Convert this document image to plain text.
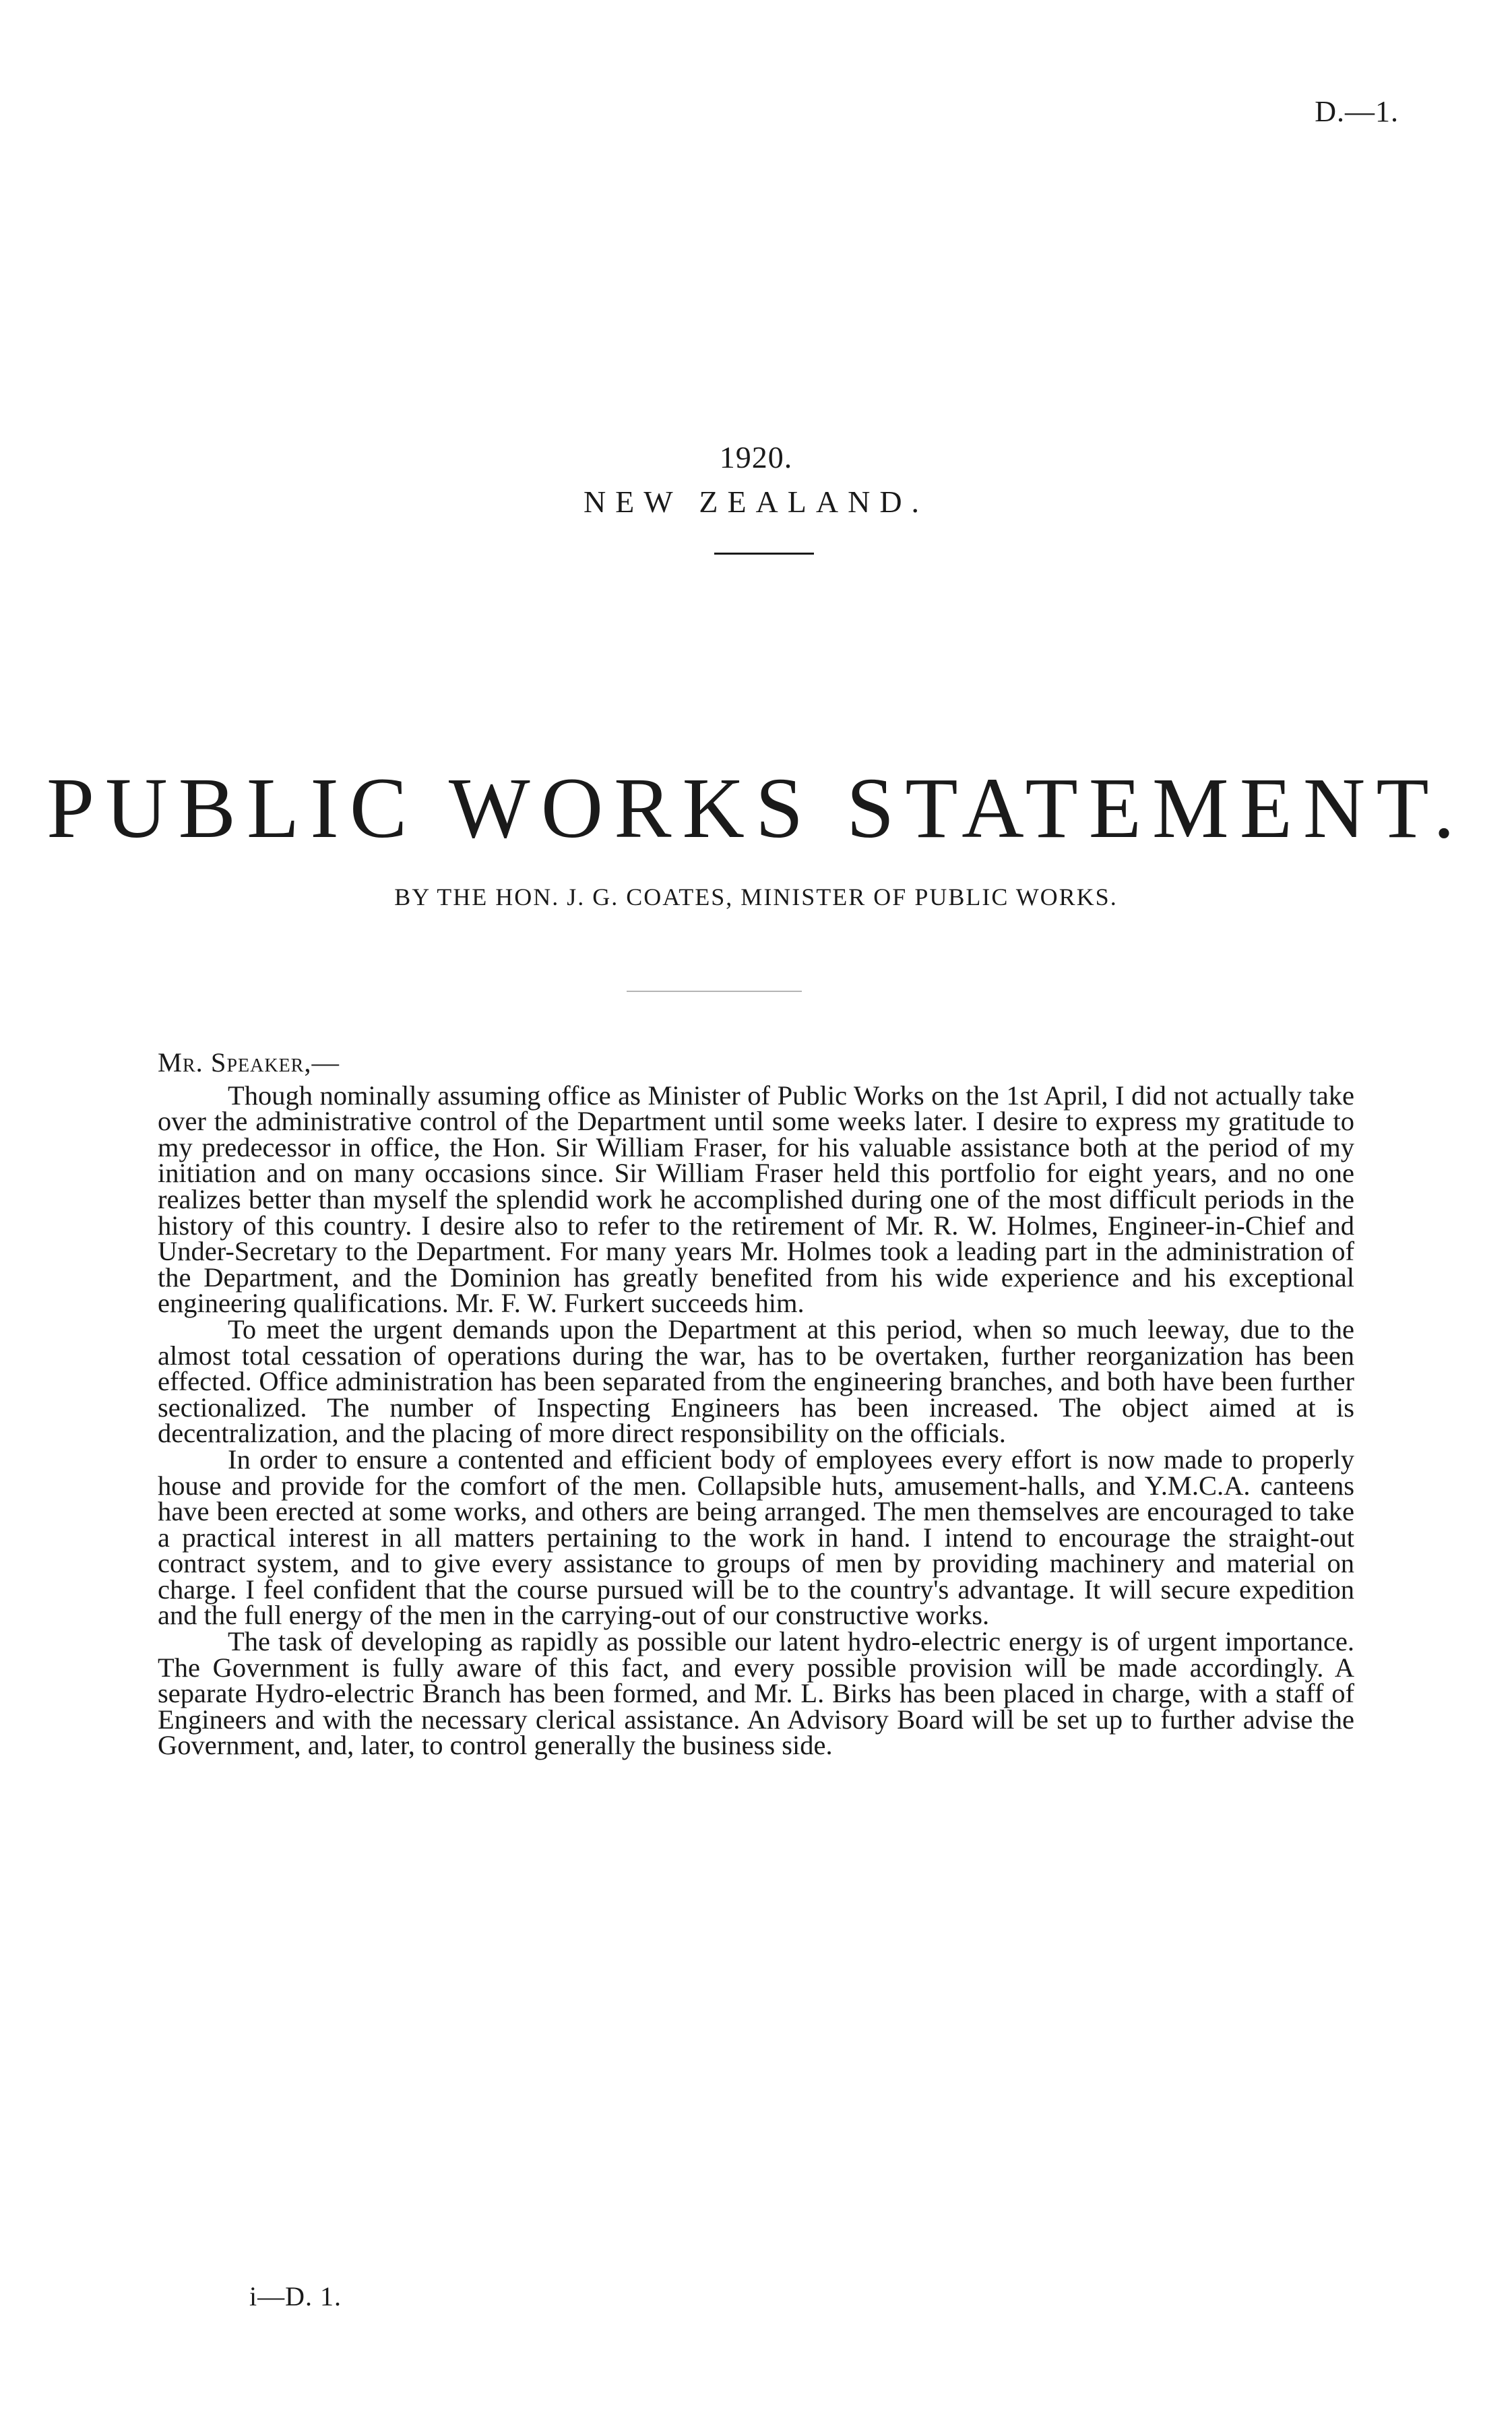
D.—1.
1920.
NEW ZEALAND.
PUBLIC WORKS STATEMENT.
BY THE HON. J. G. COATES, MINISTER OF PUBLIC WORKS.

Mr. Speaker,—

Though nominally assuming office as Minister of Public Works on the 1st April, I did not actually take over the administrative control of the Department until some weeks later. I desire to express my gratitude to my predecessor in office, the Hon. Sir William Fraser, for his valuable assistance both at the period of my initiation and on many occasions since. Sir William Fraser held this portfolio for eight years, and no one realizes better than myself the splendid work he accomplished during one of the most difficult periods in the history of this country. I desire also to refer to the retirement of Mr. R. W. Holmes, Engineer-in-Chief and Under-Secretary to the Department. For many years Mr. Holmes took a leading part in the administration of the Department, and the Dominion has greatly benefited from his wide experience and his exceptional engineering qualifications. Mr. F. W. Furkert succeeds him.

To meet the urgent demands upon the Department at this period, when so much leeway, due to the almost total cessation of operations during the war, has to be overtaken, further reorganization has been effected. Office administration has been separated from the engineering branches, and both have been further sectionalized. The number of Inspecting Engineers has been increased. The object aimed at is decentralization, and the placing of more direct responsibility on the officials.

In order to ensure a contented and efficient body of employees every effort is now made to properly house and provide for the comfort of the men. Collapsible huts, amusement-halls, and Y.M.C.A. canteens have been erected at some works, and others are being arranged. The men themselves are encouraged to take a practical interest in all matters pertaining to the work in hand. I intend to encourage the straight-out contract system, and to give every assistance to groups of men by providing machinery and material on charge. I feel confident that the course pursued will be to the country's advantage. It will secure expedition and the full energy of the men in the carrying-out of our constructive works.

The task of developing as rapidly as possible our latent hydro-electric energy is of urgent importance. The Government is fully aware of this fact, and every possible provision will be made accordingly. A separate Hydro-electric Branch has been formed, and Mr. L. Birks has been placed in charge, with a staff of Engineers and with the necessary clerical assistance. An Advisory Board will be set up to further advise the Government, and, later, to control generally the business side.

i—D. 1.
